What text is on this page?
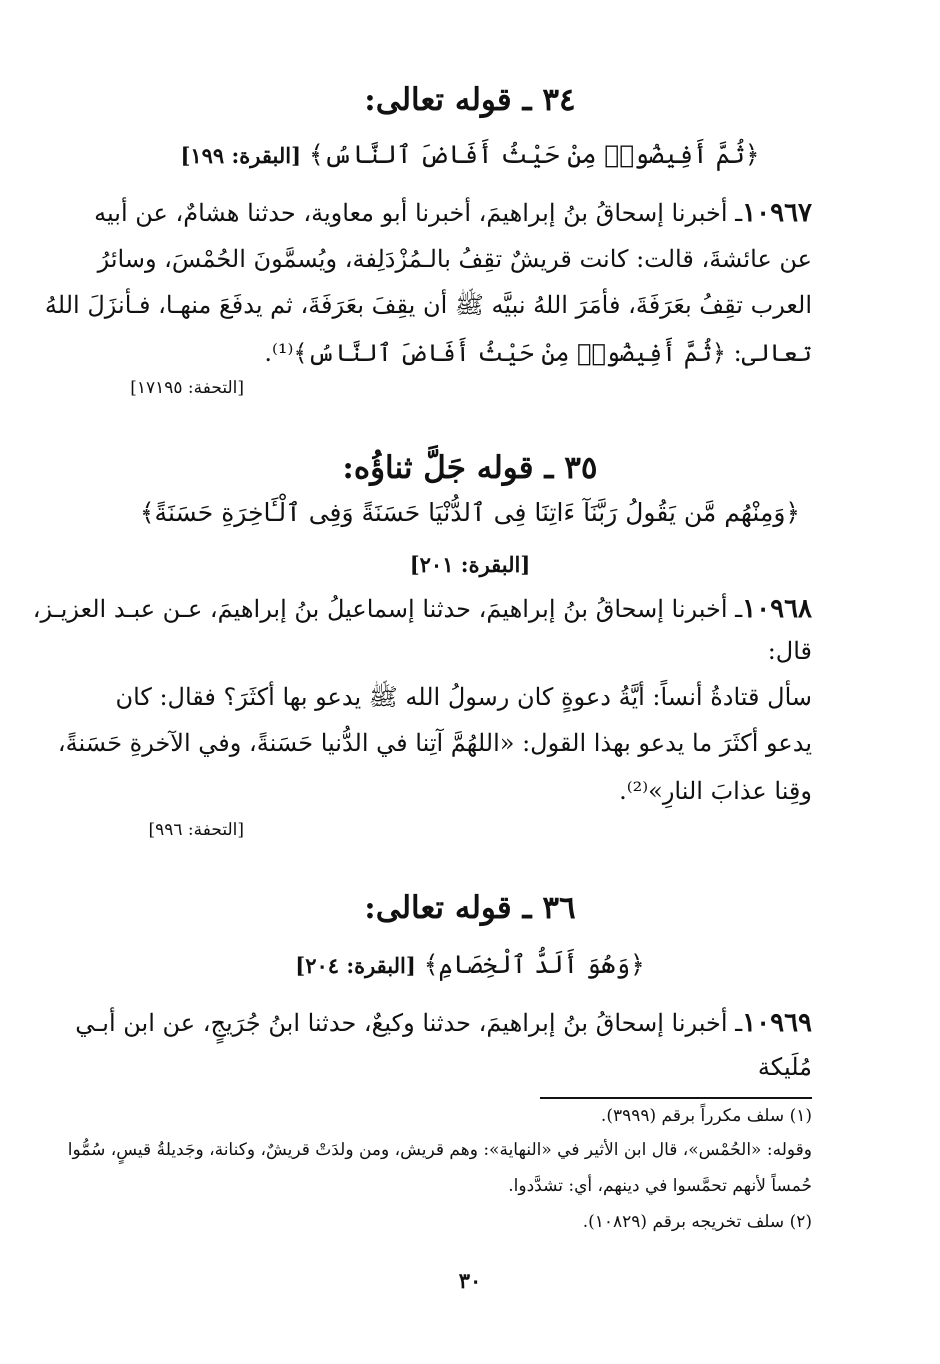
٣٤ ـ قوله تعالى:
﴿ثُمَّ أَفِيضُوا۟ مِنْ حَيْثُ أَفَاضَ ٱلنَّاسُ﴾ [البقرة: ١٩٩]
١٠٩٦٧ـ أخبرنا إسحاقُ بنُ إبراهيمَ، أخبرنا أبو معاوية، حدثنا هشامٌ، عن أبيه
عن عائشةَ، قالت: كانت قريشٌ تقِفُ بالـمُزْدَلِفة، ويُسمَّونَ الحُمْسَ، وسائرُ
العرب تقِفُ بعَرَفَةَ، فأمَرَ اللهُ نبيَّه ﷺ أن يقِفَ بعَرَفَةَ، ثم يدفَعَ منهـا، فـأنزَلَ اللهُ
تعالى: ﴿ثُمَّ أَفِيضُوا۟ مِنْ حَيْثُ أَفَاضَ ٱلنَّاسُ﴾⁽¹⁾.
[التحفة: ١٧١٩٥]
٣٥ ـ قوله جَلَّ ثناؤُه:
﴿وَمِنْهُم مَّن يَقُولُ رَبَّنَآ ءَاتِنَا فِى ٱلدُّنْيَا حَسَنَةً وَفِى ٱلْـَٔاخِرَةِ حَسَنَةً﴾
[البقرة: ٢٠١]
١٠٩٦٨ـ أخبرنا إسحاقُ بنُ إبراهيمَ، حدثنا إسماعيلُ بنُ إبراهيمَ، عـن عبـد العزيـز،
قال:
سأل قتادةُ أنساً: أيَّةُ دعوةٍ كان رسولُ الله ﷺ يدعو بها أكثَرَ؟ فقال: كان
يدعو أكثَرَ ما يدعو بهذا القول: «اللهُمَّ آتِنا في الدُّنيا حَسَنةً، وفي الآخرةِ حَسَنةً،
وقِنا عذابَ النارِ»⁽²⁾.
[التحفة: ٩٩٦]
٣٦ ـ قوله تعالى:
﴿وَهُوَ أَلَدُّ ٱلْخِصَامِ﴾ [البقرة: ٢٠٤]
١٠٩٦٩ـ أخبرنا إسحاقُ بنُ إبراهيمَ، حدثنا وكيعٌ، حدثنا ابنُ جُرَيجٍ، عن ابن أبـي
مُلَيكة
(١) سلف مكرراً برقم (٣٩٩٩).
وقوله: «الحُمْس»، قال ابن الأثير في «النهاية»: وهم قريش، ومن ولدَتْ قريشٌ، وكنانة، وجَديلةُ قيسٍ، سُمُّوا
حُمساً لأنهم تحمَّسوا في دينهم، أي: تشدَّدوا.
(٢) سلف تخريجه برقم (١٠٨٢٩).
٣٠
